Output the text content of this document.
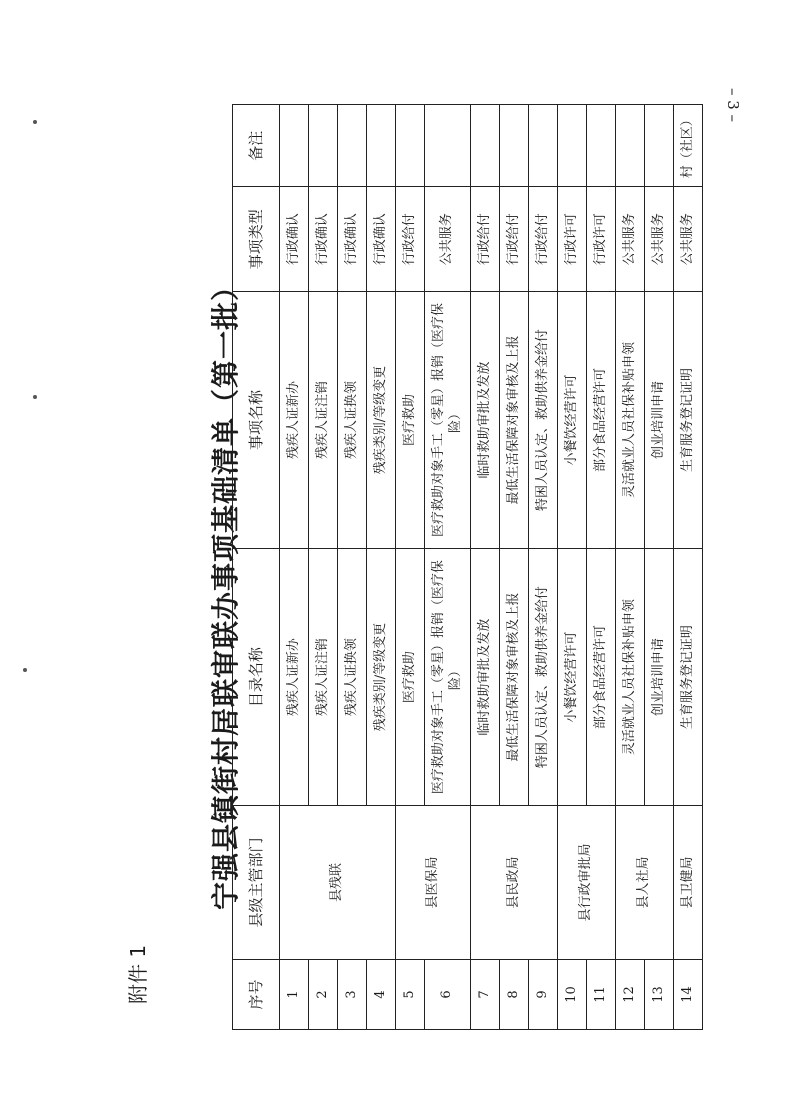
– 3 –
附件 1
宁强县镇街村居联审联办事项基础清单（第一批）
序号	县级主管部门	目录名称	事项名称	事项类型	备注
1	县残联	残疾人证新办	残疾人证新办	行政确认	
2		残疾人证注销	残疾人证注销	行政确认	
3		残疾人证换领	残疾人证换领	行政确认	
4		残疾类别/等级变更	残疾类别/等级变更	行政确认	
5	县医保局	医疗救助	医疗救助	行政给付	
6		医疗救助对象手工（零星）报销（医疗保险）	医疗救助对象手工（零星）报销（医疗保险）	公共服务	
7	县民政局	临时救助审批及发放	临时救助审批及发放	行政给付	
8		最低生活保障对象审核及上报	最低生活保障对象审核及上报	行政给付	
9		特困人员认定、救助供养金给付	特困人员认定、救助供养金给付	行政给付	
10	县行政审批局	小餐饮经营许可	小餐饮经营许可	行政许可	
11		部分食品经营许可	部分食品经营许可	行政许可	
12	县人社局	灵活就业人员社保补贴申领	灵活就业人员社保补贴申领	公共服务	
13		创业培训申请	创业培训申请	公共服务	
14	县卫健局	生育服务登记证明	生育服务登记证明	公共服务	村（社区）
